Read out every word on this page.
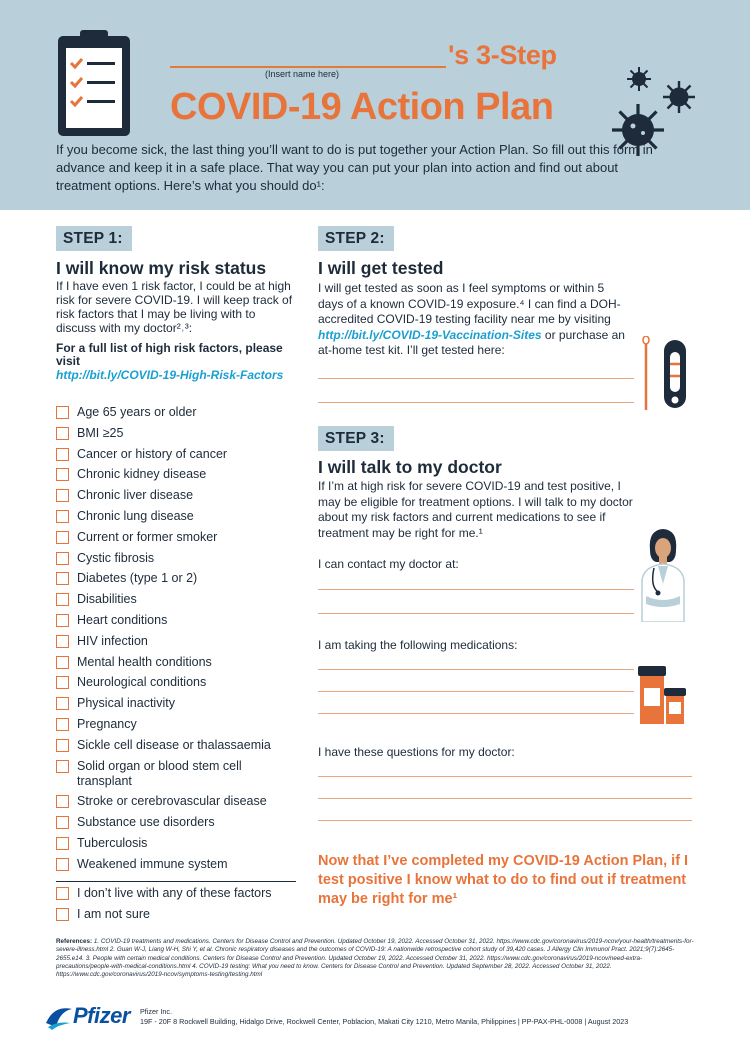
(Insert name here)
's 3-Step
COVID-19 Action Plan

If you become sick, the last thing you’ll want to do is put together your Action Plan. So fill out this form in advance and keep it in a safe place. That way you can put your plan into action and find out about treatment options. Here’s what you should do¹:

STEP 1:
I will know my risk status

If I have even 1 risk factor, I could be at high risk for severe COVID-19. I will keep track of risk factors that I may be living with to discuss with my doctor²˒³:

For a full list of high risk factors, please visit

http://bit.ly/COVID-19-High-Risk-Factors
Age 65 years or older
BMI ≥25
Cancer or history of cancer
Chronic kidney disease
Chronic liver disease
Chronic lung disease
Current or former smoker
Cystic fibrosis
Diabetes (type 1 or 2)
Disabilities
Heart conditions
HIV infection
Mental health conditions
Neurological conditions
Physical inactivity
Pregnancy
Sickle cell disease or thalassaemia
Solid organ or blood stem cell transplant
Stroke or cerebrovascular disease
Substance use disorders
Tuberculosis
Weakened immune system
I don’t live with any of these factors
I am not sure
STEP 2:
I will get tested

I will get tested as soon as I feel symptoms or within 5 days of a known COVID-19 exposure.⁴ I can find a DOH-accredited COVID-19 testing facility near me by visiting http://bit.ly/COVID-19-Vaccination-Sites or purchase an at-home test kit. I’ll get tested here:

STEP 3:
I will talk to my doctor

If I’m at high risk for severe COVID-19 and test positive, I may be eligible for treatment options. I will talk to my doctor about my risk factors and current medications to see if treatment may be right for me.¹

I can contact my doctor at:
I am taking the following medications:
I have these questions for my doctor:

Now that I’ve completed my COVID-19 Action Plan, if I test positive I know what to do to find out if treatment may be right for me¹

References: 1. COVID-19 treatments and medications. Centers for Disease Control and Prevention. Updated October 19, 2022. Accessed October 31, 2022. https://www.cdc.gov/coronavirus/2019-ncov/your-health/treatments-for-severe-illness.html 2. Guan W-J, Liang W-H, Shi Y, et al. Chronic respiratory diseases and the outcomes of COVID-19: A nationwide retrospective cohort study of 39,420 cases. J Allergy Clin Immunol Pract. 2021;9(7):2645-2655.e14. 3. People with certain medical conditions. Centers for Disease Control and Prevention. Updated October 19, 2022. Accessed October 31, 2022. https://www.cdc.gov/coronavirus/2019-ncov/need-extra-precautions/people-with-medical-conditions.html 4. COVID-19 testing: What you need to know. Centers for Disease Control and Prevention. Updated September 28, 2022. Accessed October 31, 2022. https://www.cdc.gov/coronavirus/2019-ncov/symptoms-testing/testing.html

Pfizer Pfizer Inc.
19F - 20F 8 Rockwell Building, Hidalgo Drive, Rockwell Center, Poblacion, Makati City 1210, Metro Manila, Philippines | PP-PAX-PHL-0008 | August 2023
